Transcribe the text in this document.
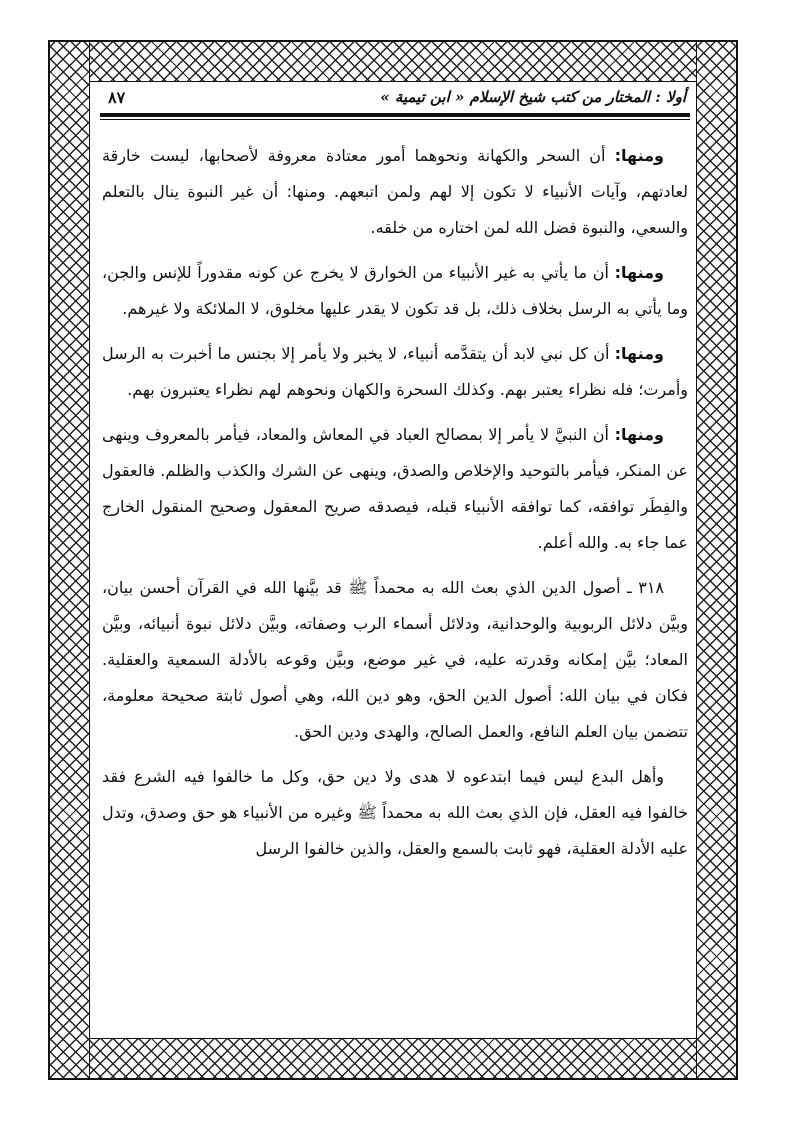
أولا : المختار من كتب شيخ الإسلام « ابن تيمية »
٨٧

ومنها: أن السحر والكهانة ونحوهما أمور معتادة معروفة لأصحابها، ليست خارقة لعادتهم، وآيات الأنبياء لا تكون إلا لهم ولمن اتبعهم. ومنها: أن غير النبوة ينال بالتعلم والسعي، والنبوة فضل الله لمن اختاره من خلقه.

ومنها: أن ما يأتي به غير الأنبياء من الخوارق لا يخرج عن كونه مقدوراً للإنس والجن، وما يأتي به الرسل بخلاف ذلك، بل قد تكون لا يقدر عليها مخلوق، لا الملائكة ولا غيرهم.

ومنها: أن كل نبي لابد أن يتقدَّمه أنبياء، لا يخبر ولا يأمر إلا بجنس ما أخبرت به الرسل وأمرت؛ فله نظراء يعتبر بهم. وكذلك السحرة والكهان ونحوهم لهم نظراء يعتبرون بهم.

ومنها: أن النبيَّ لا يأمر إلا بمصالح العباد في المعاش والمعاد، فيأمر بالمعروف وينهى عن المنكر، فيأمر بالتوحيد والإخلاص والصدق، وينهى عن الشرك والكذب والظلم. فالعقول والفِطَر توافقه، كما توافقه الأنبياء قبله، فيصدقه صريح المعقول وصحيح المنقول الخارج عما جاء به. والله أعلم.

٣١٨ ـ أصول الدين الذي بعث الله به محمداً ﷺ قد بيَّنها الله في القرآن أحسن بيان، وبيَّن دلائل الربوبية والوحدانية، ودلائل أسماء الرب وصفاته، وبيَّن دلائل نبوة أنبيائه، وبيَّن المعاد؛ بيَّن إمكانه وقدرته عليه، في غير موضع، وبيَّن وقوعه بالأدلة السمعية والعقلية. فكان في بيان الله: أصول الدين الحق، وهو دين الله، وهي أصول ثابتة صحيحة معلومة، تتضمن بيان العلم النافع، والعمل الصالح، والهدى ودين الحق.

وأهل البدع ليس فيما ابتدعوه لا هدى ولا دين حق، وكل ما خالفوا فيه الشرع فقد خالفوا فيه العقل، فإن الذي بعث الله به محمداً ﷺ وغيره من الأنبياء هو حق وصدق، وتدل عليه الأدلة العقلية، فهو ثابت بالسمع والعقل، والذين خالفوا الرسل
